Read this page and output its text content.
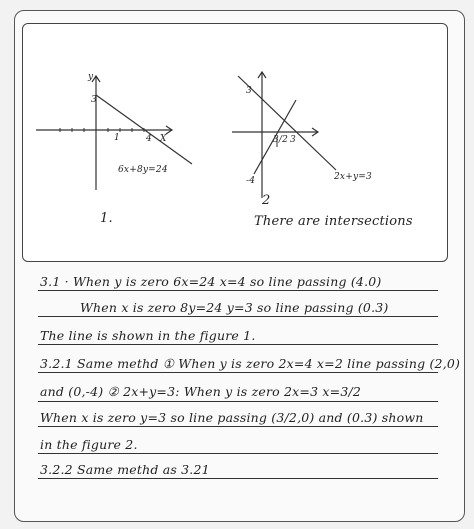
y
3
1	4 X
6x+8y=24
1.
3
3/2 3
-4	2x+y=3
2
There are intersections
3.1 · When y is zero 6x=24 x=4 so line passing (4.0)
When x is zero 8y=24 y=3 so line passing (0.3)
The line is shown in the figure 1.
3.2.1 Same methd ① When y is zero 2x=4 x=2 line passing (2,0)
and (0,-4) ② 2x+y=3: When y is zero 2x=3 x=3/2
When x is zero y=3 so line passing (3/2,0) and (0.3) shown
in the figure 2.
3.2.2 Same methd as 3.21
